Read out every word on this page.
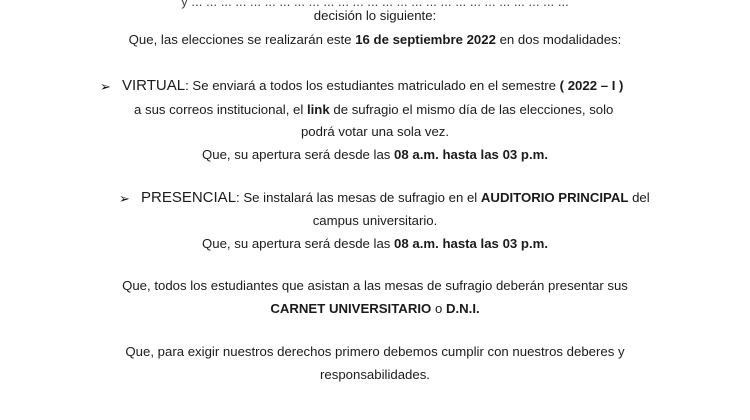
y ... ... ... ... ... ... ... ... ... ... ... ... ... ... ... ... ... ... ... ... ... ... ... ... ... ...
decisión lo siguiente:
Que, las elecciones se realizarán este 16 de septiembre 2022 en dos modalidades:
➢ VIRTUAL: Se enviará a todos los estudiantes matriculado en el semestre ( 2022 – I )
a sus correos institucional, el link de sufragio el mismo día de las elecciones, solo
podrá votar una sola vez.
Que, su apertura será desde las 08 a.m. hasta las 03 p.m.
➢ PRESENCIAL: Se instalará las mesas de sufragio en el AUDITORIO PRINCIPAL del
campus universitario.
Que, su apertura será desde las 08 a.m. hasta las 03 p.m.
Que, todos los estudiantes que asistan a las mesas de sufragio deberán presentar sus
CARNET UNIVERSITARIO o D.N.I.
Que, para exigir nuestros derechos primero debemos cumplir con nuestros deberes y
responsabilidades.
